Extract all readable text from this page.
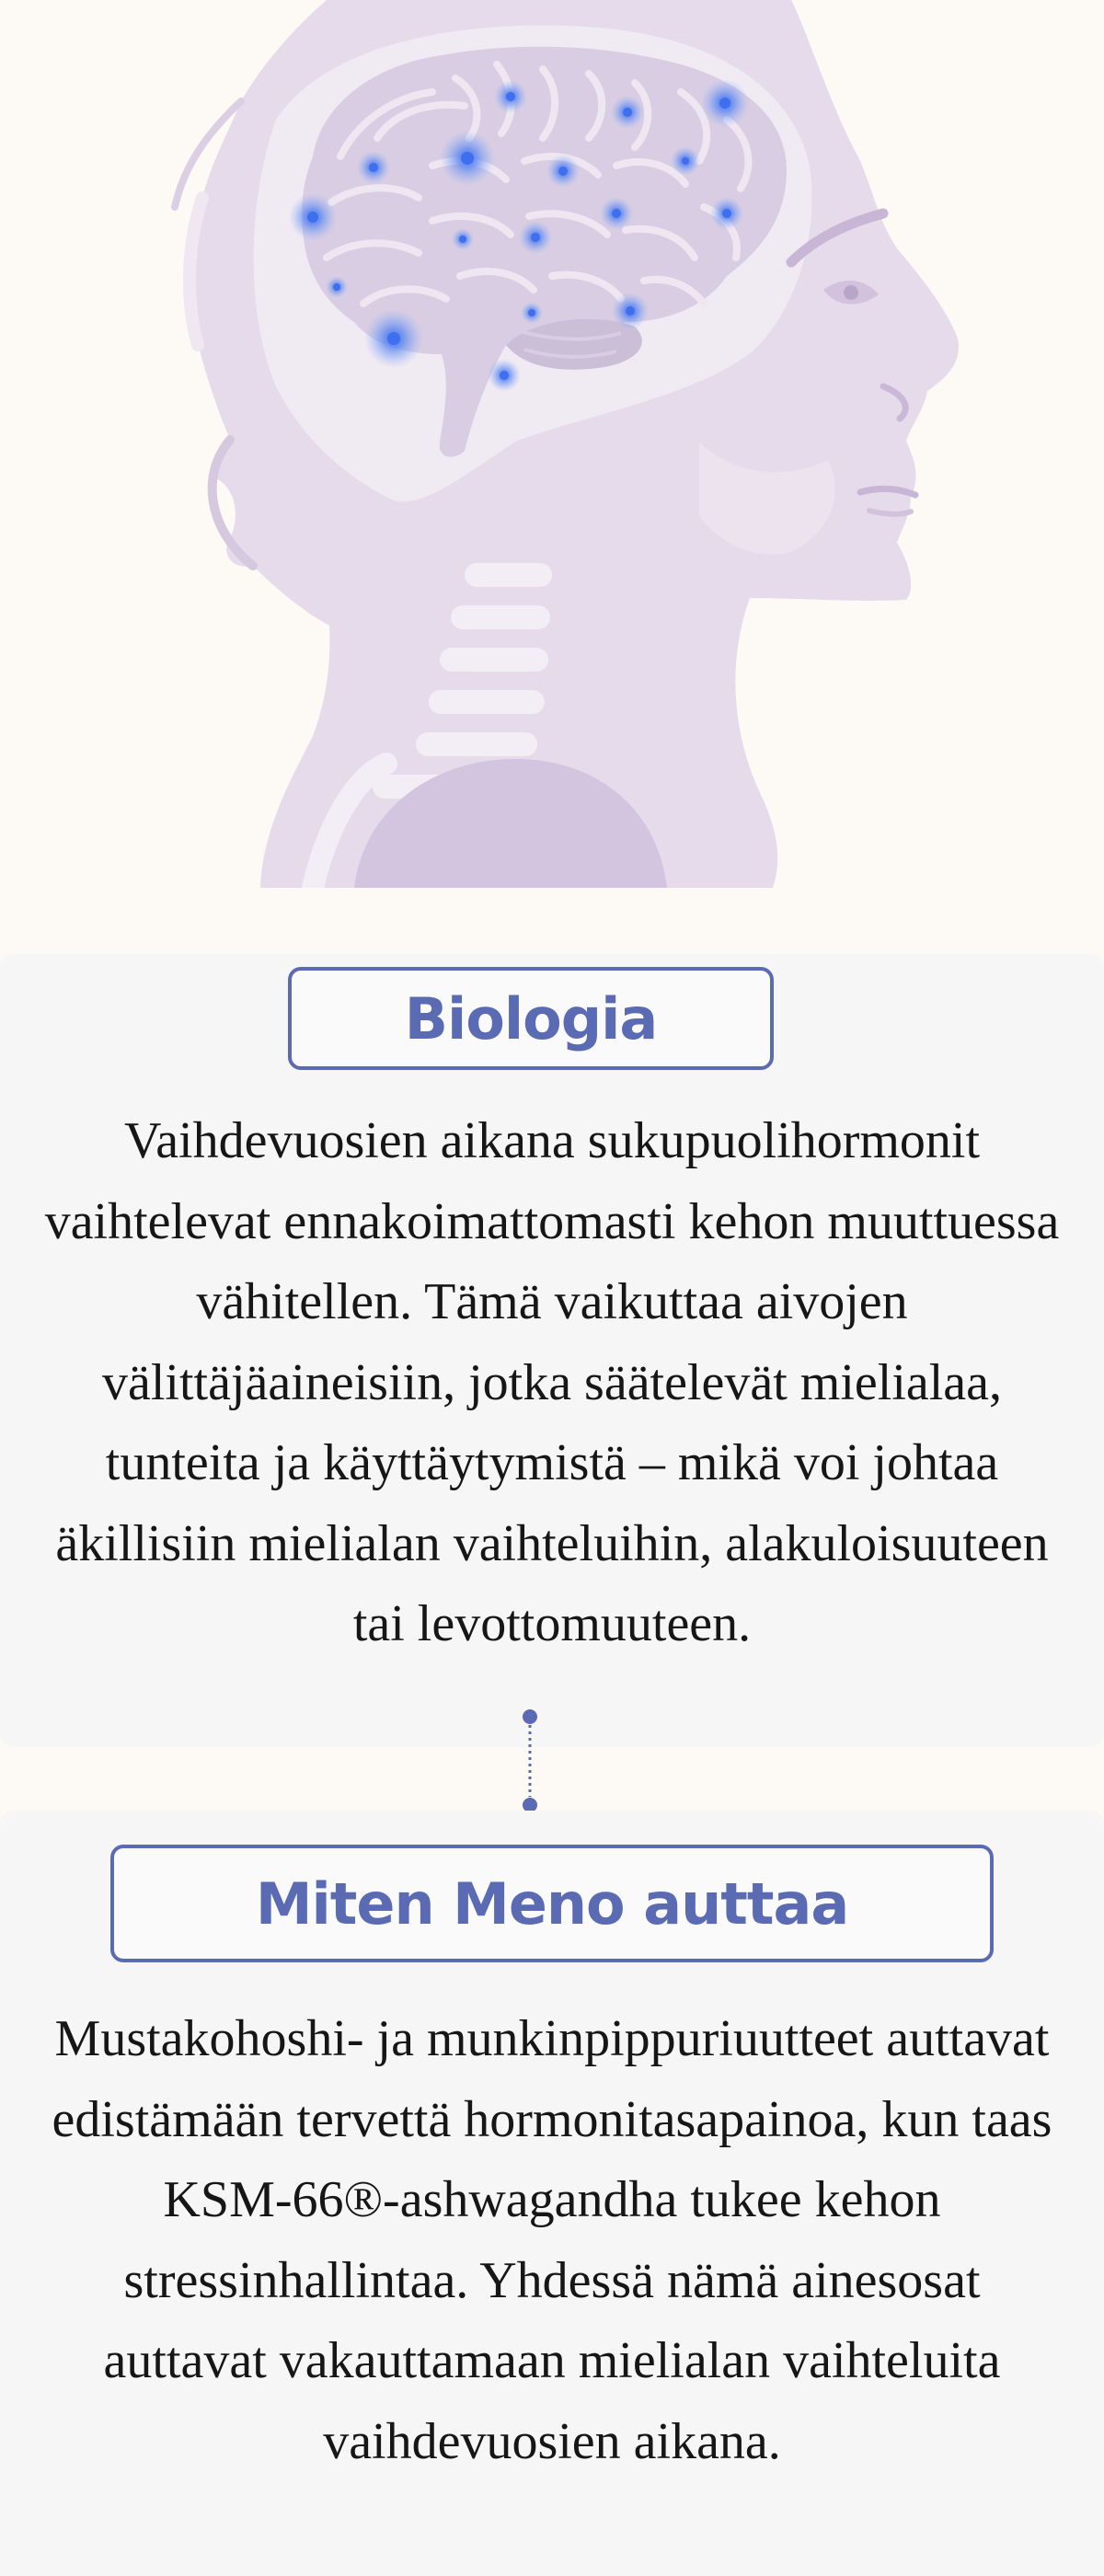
Biologia

Vaihdevuosien aikana sukupuolihormonit vaihtelevat ennakoimattomasti kehon muuttuessa vähitellen. Tämä vaikuttaa aivojen välittäjäaineisiin, jotka säätelevät mielialaa, tunteita ja käyttäytymistä – mikä voi johtaa äkillisiin mielialan vaihteluihin, alakuloisuuteen tai levottomuuteen.

Miten Meno auttaa

Mustakohoshi- ja munkinpippuriuutteet auttavat edistämään tervettä hormonitasapainoa, kun taas KSM-66®-ashwagandha tukee kehon stressinhallintaa. Yhdessä nämä ainesosat auttavat vakauttamaan mielialan vaihteluita vaihdevuosien aikana.
